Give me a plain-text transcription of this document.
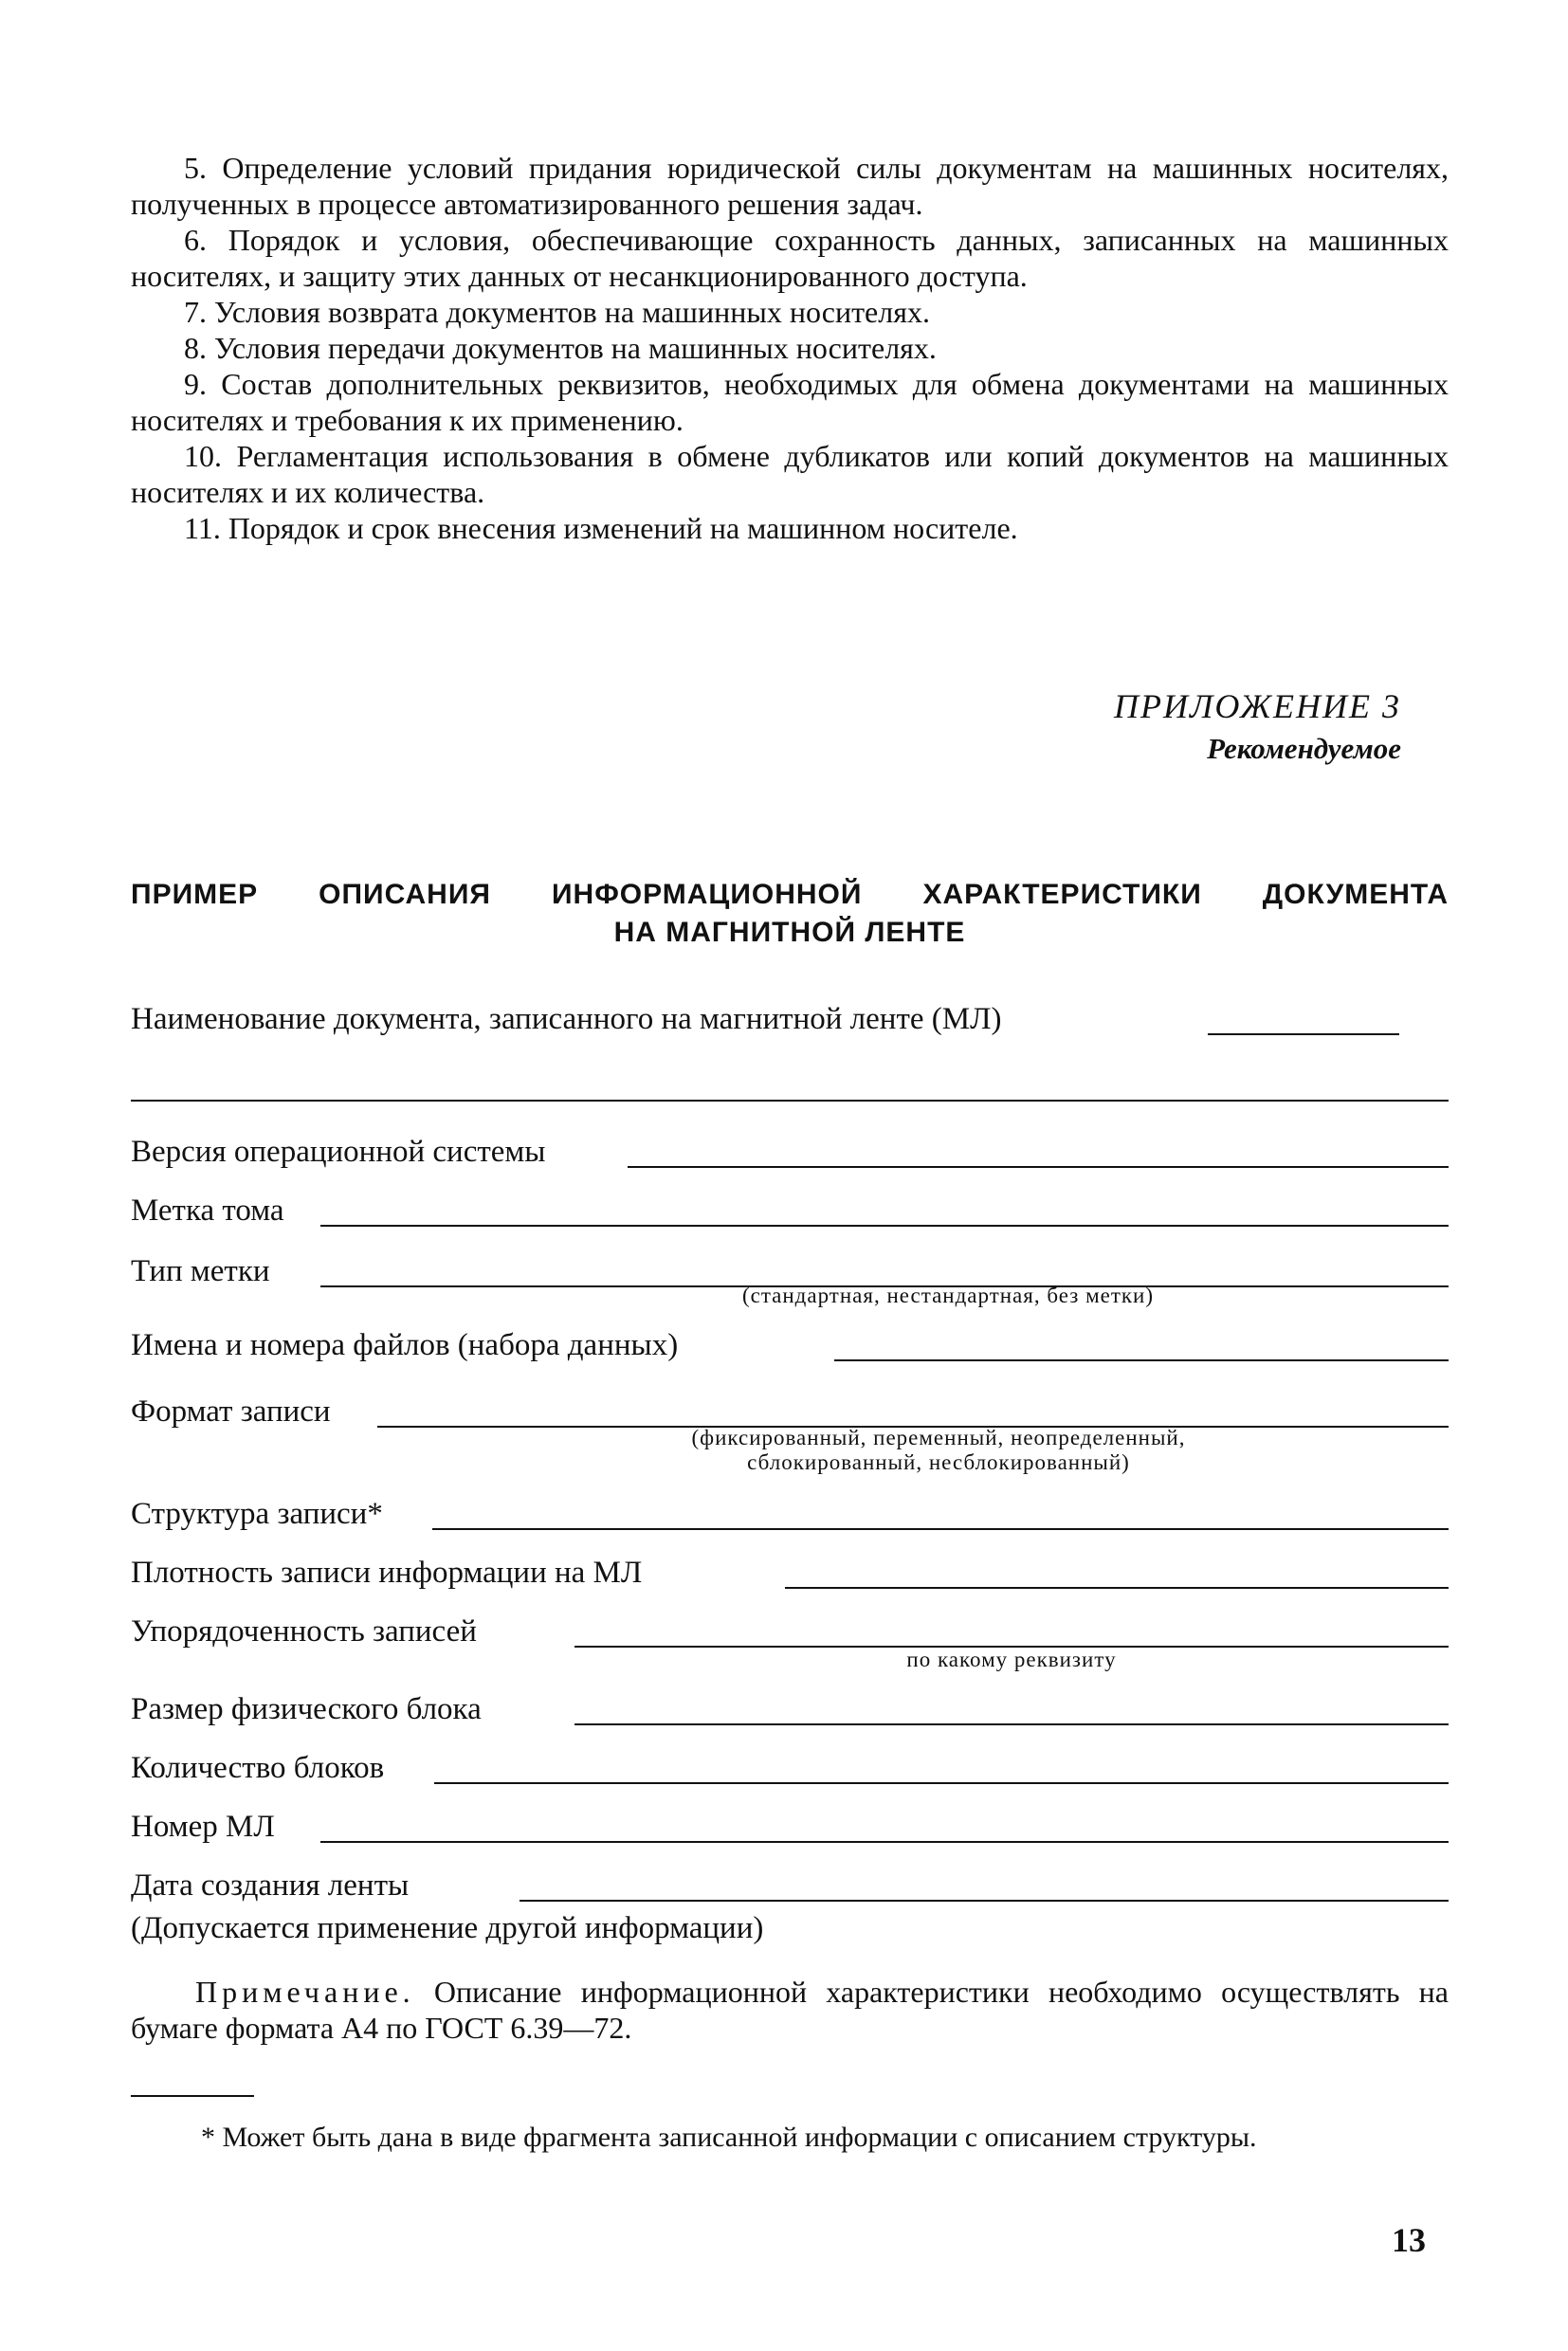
5. Определение условий придания юридической силы документам на машинных носителях, полученных в процессе автоматизированного решения задач.

6. Порядок и условия, обеспечивающие сохранность данных, записанных на машинных носителях, и защиту этих данных от несанкционированного доступа.

7. Условия возврата документов на машинных носителях.

8. Условия передачи документов на машинных носителях.

9. Состав дополнительных реквизитов, необходимых для обмена документами на машинных носителях и требования к их применению.

10. Регламентация использования в обмене дубликатов или копий документов на машинных носителях и их количества.

11. Порядок и срок внесения изменений на машинном носителе.

ПРИЛОЖЕНИЕ 3
Рекомендуемое
ПРИМЕР ОПИСАНИЯ ИНФОРМАЦИОННОЙ ХАРАКТЕРИСТИКИ ДОКУМЕНТА
НА МАГНИТНОЙ ЛЕНТЕ
Наименование документа, записанного на магнитной ленте (МЛ)
Версия операционной системы
Метка тома
Тип метки
(стандартная, нестандартная, без метки)
Имена и номера файлов (набора данных)
Формат записи
(фиксированный, переменный, неопределенный,
сблокированный, несблокированный)
Структура записи*
Плотность записи информации на МЛ
Упорядоченность записей
по какому реквизиту
Размер физического блока
Количество блоков
Номер МЛ
Дата создания ленты
(Допускается применение другой информации)

Примечание. Описание информационной характеристики необходимо осуществлять на бумаге формата А4 по ГОСТ 6.39—72.

* Может быть дана в виде фрагмента записанной информации с описанием структуры.

13
